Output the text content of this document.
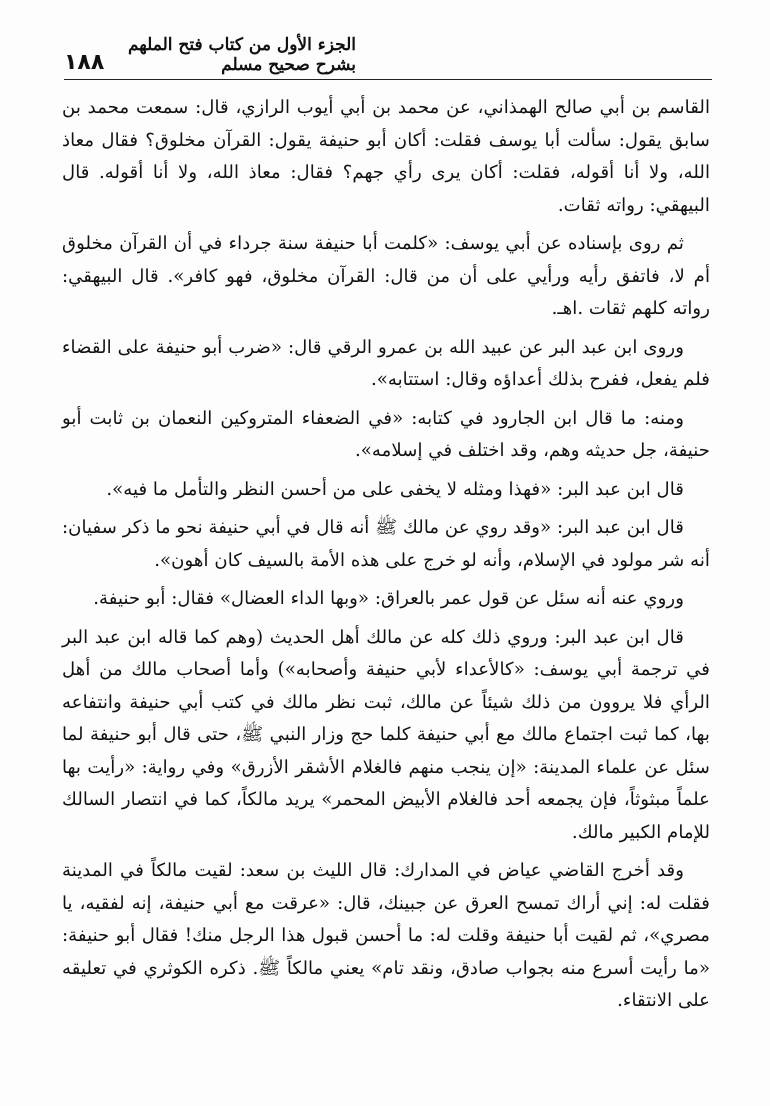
الجزء الأول من كتاب فتح الملهم بشرح صحيح مسلم
١٨٨

القاسم بن أبي صالح الهمذاني، عن محمد بن أبي أيوب الرازي، قال: سمعت محمد بن سابق يقول: سألت أبا يوسف فقلت: أكان أبو حنيفة يقول: القرآن مخلوق؟ فقال معاذ الله، ولا أنا أقوله، فقلت: أكان يرى رأي جهم؟ فقال: معاذ الله، ولا أنا أقوله. قال البيهقي: رواته ثقات.

ثم روى بإسناده عن أبي يوسف: «كلمت أبا حنيفة سنة جرداء في أن القرآن مخلوق أم لا، فاتفق رأيه ورأيي على أن من قال: القرآن مخلوق، فهو كافر». قال البيهقي: رواته كلهم ثقات .اهـ.

وروى ابن عبد البر عن عبيد الله بن عمرو الرقي قال: «ضرب أبو حنيفة على القضاء فلم يفعل، ففرح بذلك أعداؤه وقال: استتابه».

ومنه: ما قال ابن الجارود في كتابه: «في الضعفاء المتروكين النعمان بن ثابت أبو حنيفة، جل حديثه وهم، وقد اختلف في إسلامه».

قال ابن عبد البر: «فهذا ومثله لا يخفى على من أحسن النظر والتأمل ما فيه».

قال ابن عبد البر: «وقد روي عن مالك ﷺ أنه قال في أبي حنيفة نحو ما ذكر سفيان: أنه شر مولود في الإسلام، وأنه لو خرج على هذه الأمة بالسيف كان أهون».

وروي عنه أنه سئل عن قول عمر بالعراق: «وبها الداء العضال» فقال: أبو حنيفة.

قال ابن عبد البر: وروي ذلك كله عن مالك أهل الحديث (وهم كما قاله ابن عبد البر في ترجمة أبي يوسف: «كالأعداء لأبي حنيفة وأصحابه») وأما أصحاب مالك من أهل الرأي فلا يروون من ذلك شيئاً عن مالك، ثبت نظر مالك في كتب أبي حنيفة وانتفاعه بها، كما ثبت اجتماع مالك مع أبي حنيفة كلما حج وزار النبي ﷺ، حتى قال أبو حنيفة لما سئل عن علماء المدينة: «إن ينجب منهم فالغلام الأشقر الأزرق» وفي رواية: «رأيت بها علماً مبثوثاً، فإن يجمعه أحد فالغلام الأبيض المحمر» يريد مالكاً، كما في انتصار السالك للإمام الكبير مالك.

وقد أخرج القاضي عياض في المدارك: قال الليث بن سعد: لقيت مالكاً في المدينة فقلت له: إني أراك تمسح العرق عن جبينك، قال: «عرقت مع أبي حنيفة، إنه لفقيه، يا مصري»، ثم لقيت أبا حنيفة وقلت له: ما أحسن قبول هذا الرجل منك! فقال أبو حنيفة: «ما رأيت أسرع منه بجواب صادق، ونقد تام» يعني مالكاً ﷺ. ذكره الكوثري في تعليقه على الانتقاء.
